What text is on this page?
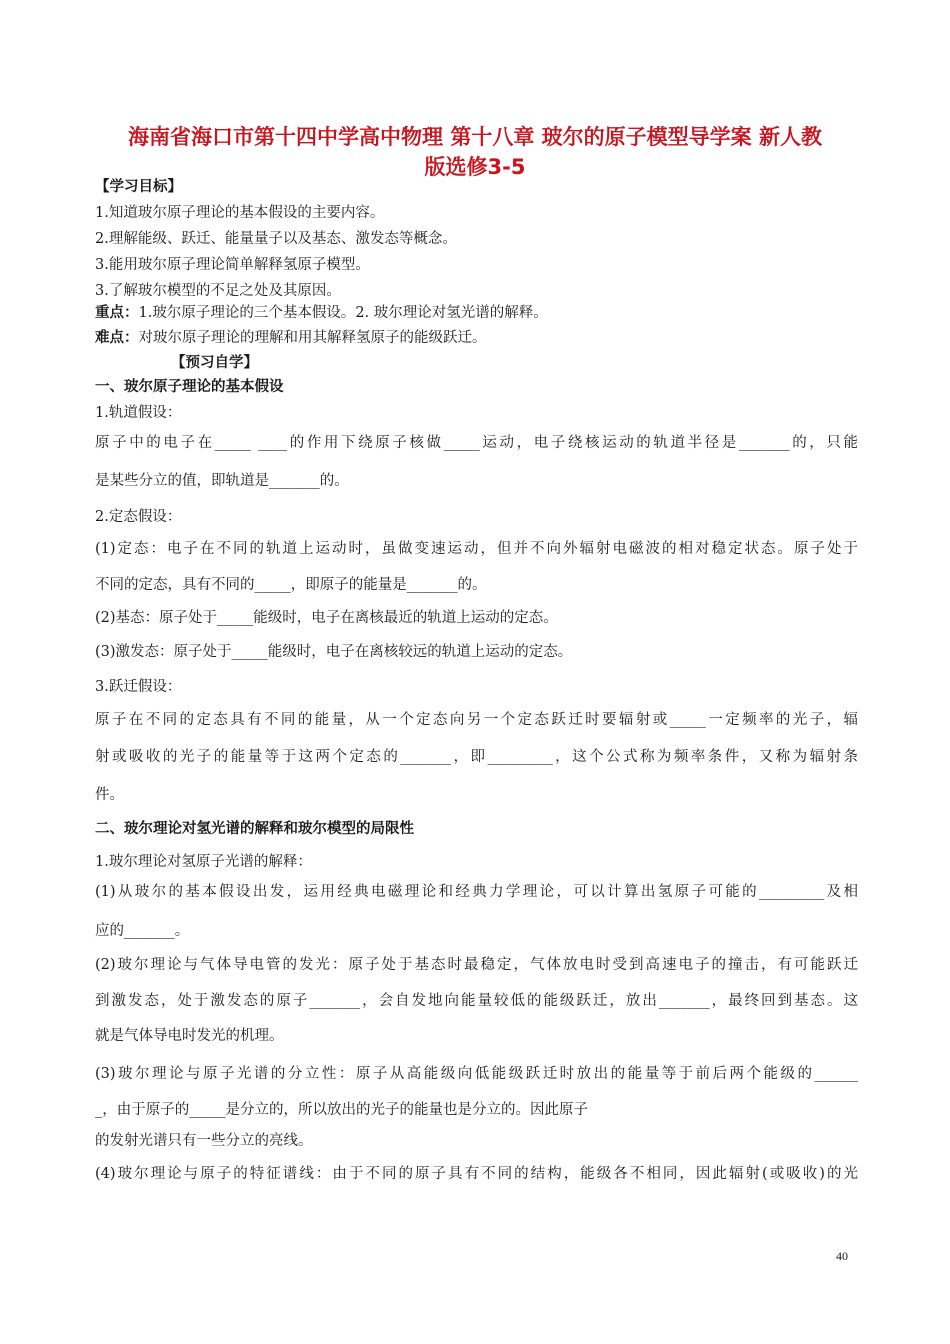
海南省海口市第十四中学高中物理 第十八章 玻尔的原子模型导学案 新人教
版选修3-5
【学习目标】
1.知道玻尔原子理论的基本假设的主要内容。
2.理解能级、跃迁、能量量子以及基态、激发态等概念。
3.能用玻尔原子理论简单解释氢原子模型。
3.了解玻尔模型的不足之处及其原因。
重点：1.玻尔原子理论的三个基本假设。2. 玻尔理论对氢光谱的解释。
难点：对玻尔原子理论的理解和用其解释氢原子的能级跃迁。
【预习自学】
一、玻尔原子理论的基本假设
1.轨道假设：
原子中的电子在_____ ____的作用下绕原子核做_____运动，电子绕核运动的轨道半径是_______的，只能
是某些分立的值，即轨道是_______的。
2.定态假设：
(1)定态：电子在不同的轨道上运动时，虽做变速运动，但并不向外辐射电磁波的相对稳定状态。原子处于
不同的定态，具有不同的_____，即原子的能量是_______的。
(2)基态：原子处于_____能级时，电子在离核最近的轨道上运动的定态。
(3)激发态：原子处于_____能级时，电子在离核较远的轨道上运动的定态。
3.跃迁假设：
原子在不同的定态具有不同的能量，从一个定态向另一个定态跃迁时要辐射或_____一定频率的光子，辐
射或吸收的光子的能量等于这两个定态的_______，即_________，这个公式称为频率条件，又称为辐射条
件。
二、玻尔理论对氢光谱的解释和玻尔模型的局限性
1.玻尔理论对氢原子光谱的解释：
(1)从玻尔的基本假设出发，运用经典电磁理论和经典力学理论，可以计算出氢原子可能的_________及相
应的_______。
(2)玻尔理论与气体导电管的发光：原子处于基态时最稳定，气体放电时受到高速电子的撞击，有可能跃迁
到激发态，处于激发态的原子_______，会自发地向能量较低的能级跃迁，放出_______，最终回到基态。这
就是气体导电时发光的机理。
(3)玻尔理论与原子光谱的分立性：原子从高能级向低能级跃迁时放出的能量等于前后两个能级的______
_，由于原子的_____是分立的，所以放出的光子的能量也是分立的。因此原子
的发射光谱只有一些分立的亮线。
(4)玻尔理论与原子的特征谱线：由于不同的原子具有不同的结构，能级各不相同，因此辐射(或吸收)的光
40
